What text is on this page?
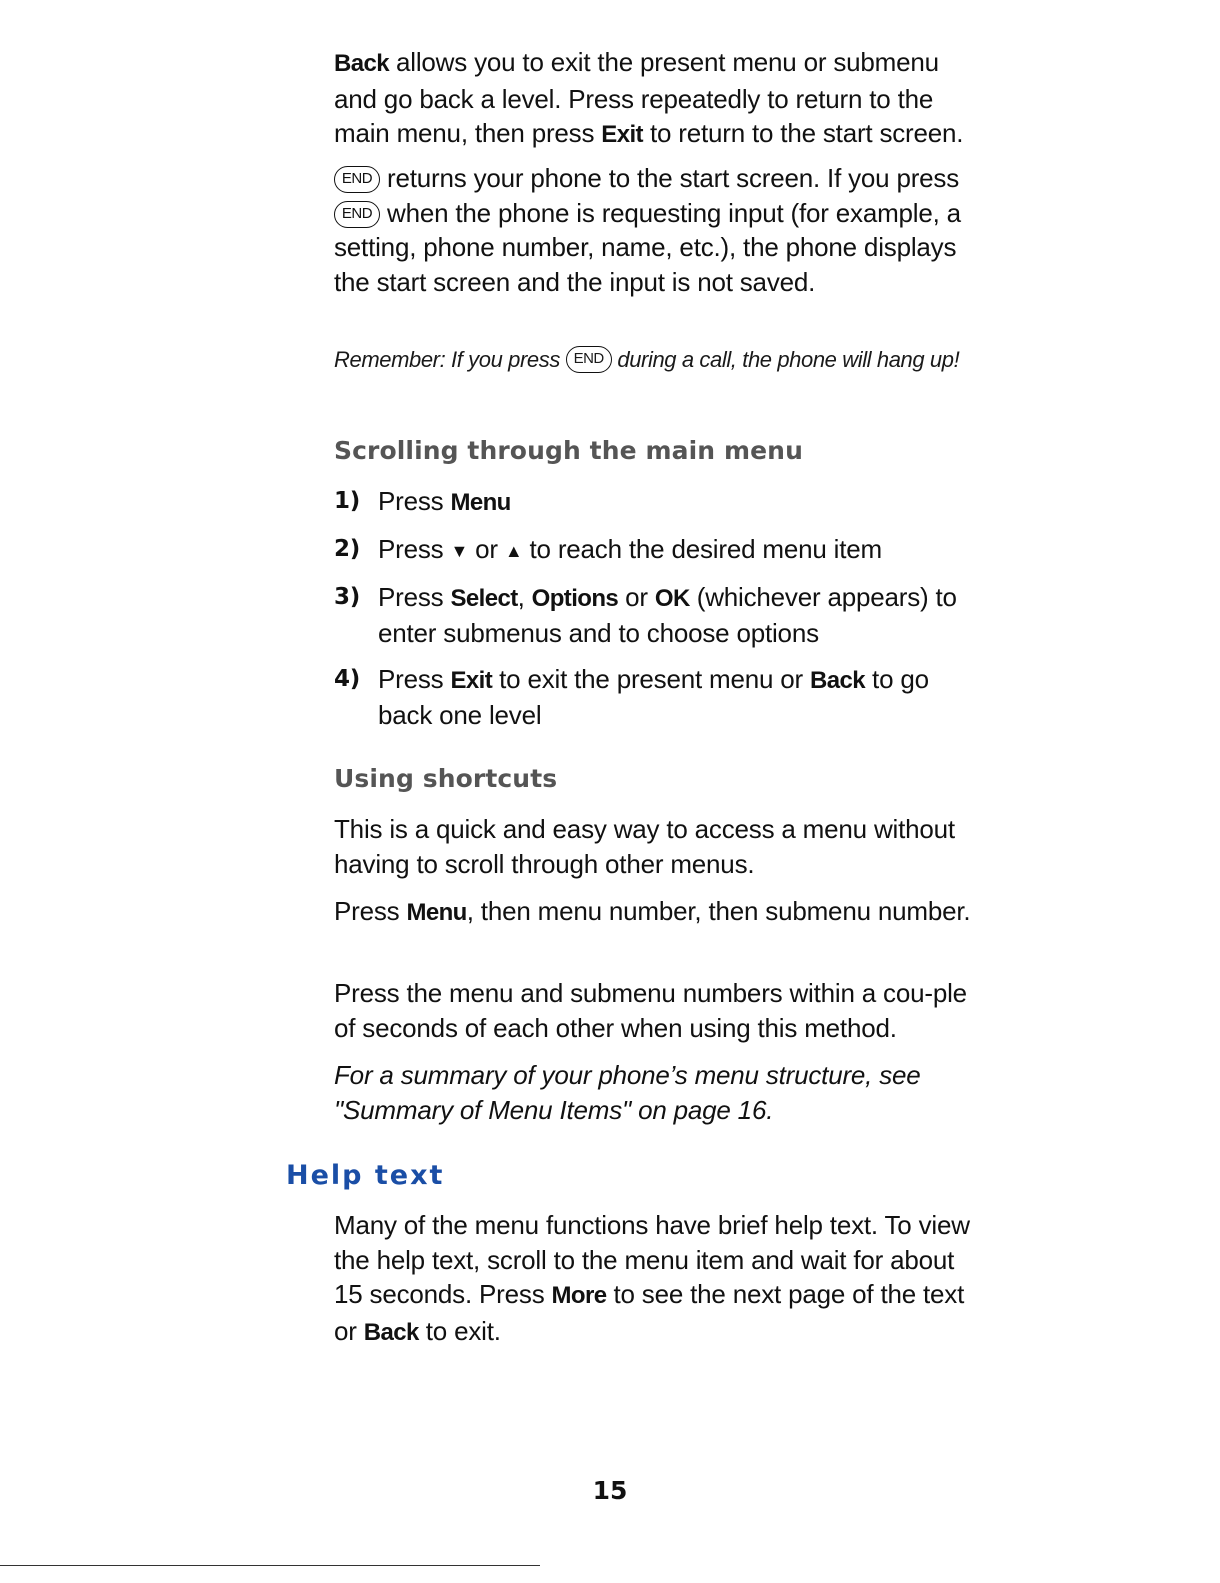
Back allows you to exit the present menu or submenu and go back a level. Press repeatedly to return to the main menu, then press Exit to return to the start screen.

END returns your phone to the start screen. If you press END when the phone is requesting input (for example, a setting, phone number, name, etc.), the phone displays the start screen and the input is not saved.

Remember: If you press END during a call, the phone will hang up!

Scrolling through the main menu
1) Press Menu
2) Press ▼ or ▲ to reach the desired menu item
3) Press Select, Options or OK (whichever appears) to enter submenus and to choose options
4) Press Exit to exit the present menu or Back to go back one level
Using shortcuts

This is a quick and easy way to access a menu without having to scroll through other menus.

Press Menu, then menu number, then submenu number.

Press the menu and submenu numbers within a cou-ple of seconds of each other when using this method.

For a summary of your phone’s menu structure, see "Summary of Menu Items" on page 16.

Help text

Many of the menu functions have brief help text. To view the help text, scroll to the menu item and wait for about 15 seconds. Press More to see the next page of the text or Back to exit.

15
